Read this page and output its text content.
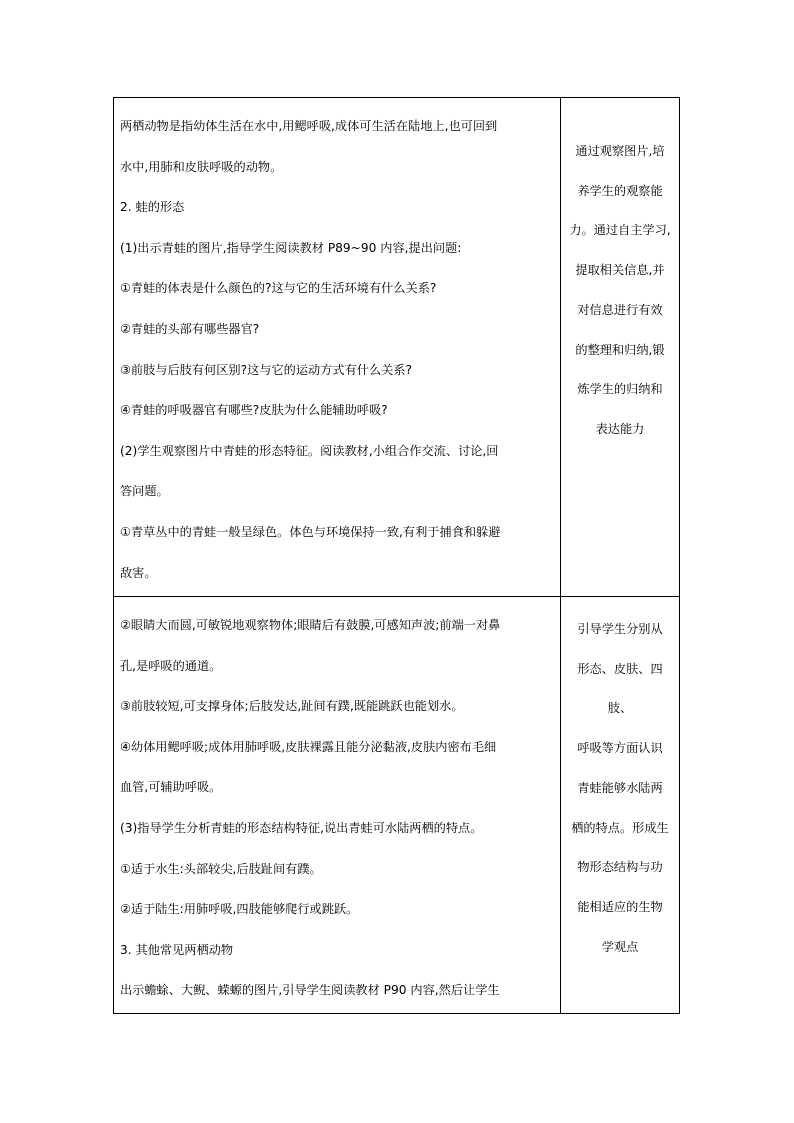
两栖动物是指幼体生活在水中,用鳃呼吸,成体可生活在陆地上,也可回到

水中,用肺和皮肤呼吸的动物。

2. 蛙的形态

(1)出示青蛙的图片,指导学生阅读教材 P89~90 内容,提出问题:

①青蛙的体表是什么颜色的?这与它的生活环境有什么关系?

②青蛙的头部有哪些器官?

③前肢与后肢有何区别?这与它的运动方式有什么关系?

④青蛙的呼吸器官有哪些?皮肤为什么能辅助呼吸?

(2)学生观察图片中青蛙的形态特征。阅读教材,小组合作交流、讨论,回

答问题。

①青草丛中的青蛙一般呈绿色。体色与环境保持一致,有利于捕食和躲避

敌害。

通过观察图片,培

养学生的观察能

力。通过自主学习,

提取相关信息,并

对信息进行有效

的整理和归纳,锻

炼学生的归纳和

表达能力

②眼睛大而圆,可敏锐地观察物体;眼睛后有鼓膜,可感知声波;前端一对鼻

孔,是呼吸的通道。

③前肢较短,可支撑身体;后肢发达,趾间有蹼,既能跳跃也能划水。

④幼体用鳃呼吸;成体用肺呼吸,皮肤裸露且能分泌黏液,皮肤内密布毛细

血管,可辅助呼吸。

(3)指导学生分析青蛙的形态结构特征,说出青蛙可水陆两栖的特点。

①适于水生:头部较尖,后肢趾间有蹼。

②适于陆生:用肺呼吸,四肢能够爬行或跳跃。

3. 其他常见两栖动物

出示蟾蜍、大鲵、蝾螈的图片,引导学生阅读教材 P90 内容,然后让学生

引导学生分别从

形态、皮肤、四肢、

呼吸等方面认识

青蛙能够水陆两

栖的特点。形成生

物形态结构与功

能相适应的生物

学观点
